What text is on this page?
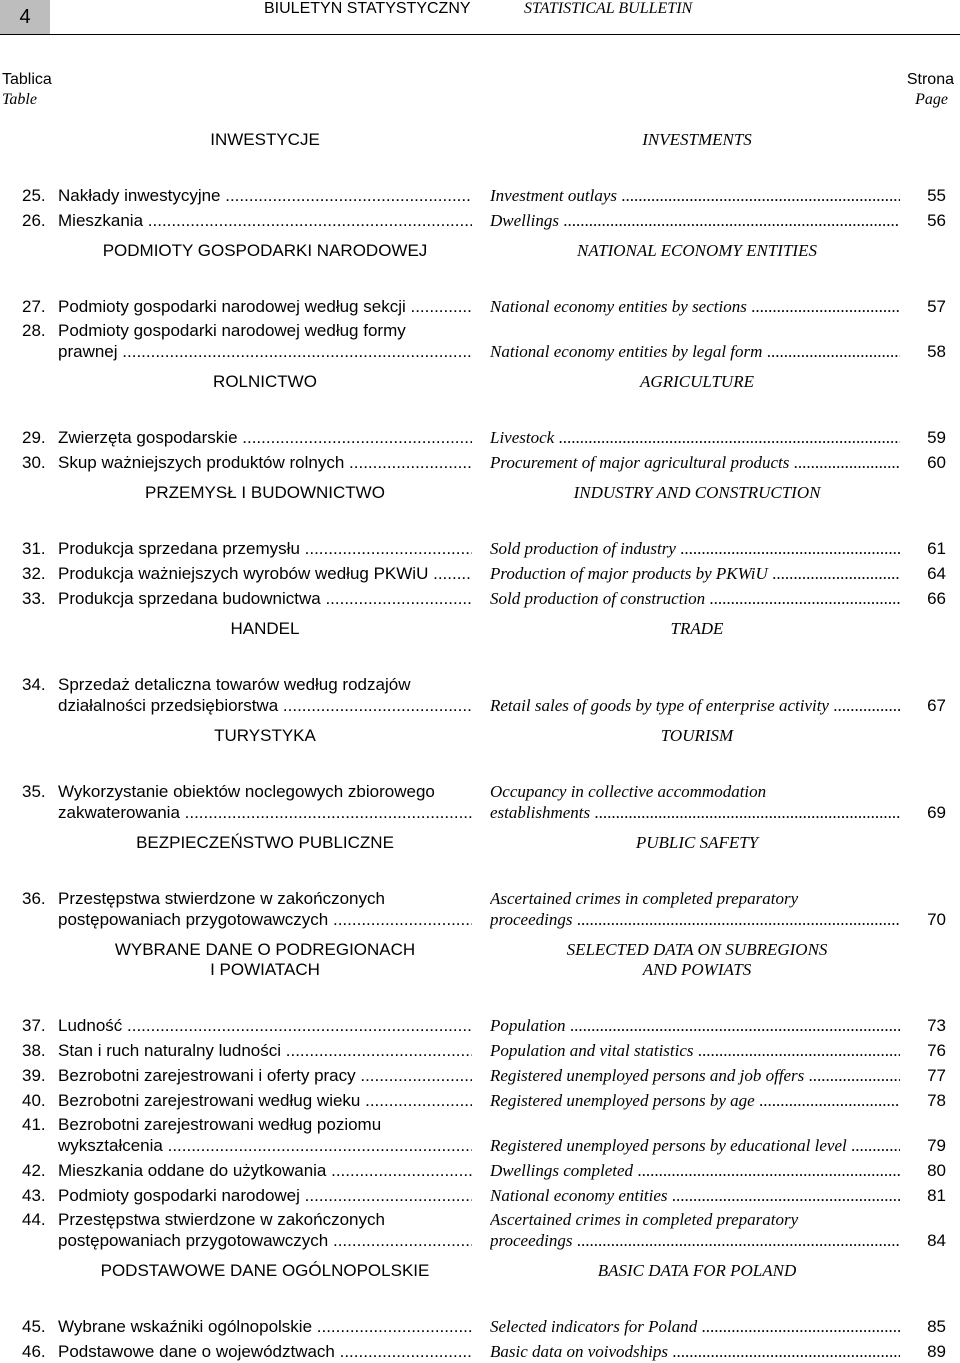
4	BIULETYN STATYSTYCZNY	STATISTICAL BULLETIN
Tablica
Table
Strona
Page
INWESTYCJE	INVESTMENTS
25. Nakłady inwestycyjne .....	Investment outlays .....	55
26. Mieszkania .....	Dwellings .....	56
PODMIOTY GOSPODARKI NARODOWEJ	NATIONAL ECONOMY ENTITIES
27. Podmioty gospodarki narodowej według sekcji .....	National economy entities by sections .....	57
28. Podmioty gospodarki narodowej według formy
prawnej .....	National economy entities by legal form .....	58
ROLNICTWO	AGRICULTURE
29. Zwierzęta gospodarskie .....	Livestock .....	59
30. Skup ważniejszych produktów rolnych .....	Procurement of major agricultural products .....	60
PRZEMYSŁ I BUDOWNICTWO	INDUSTRY AND CONSTRUCTION
31. Produkcja sprzedana przemysłu .....	Sold production of industry .....	61
32. Produkcja ważniejszych wyrobów według PKWiU .....	Production of major products by PKWiU .....	64
33. Produkcja sprzedana budownictwa .....	Sold production of construction .....	66
HANDEL	TRADE
34. Sprzedaż detaliczna towarów według rodzajów
działalności przedsiębiorstwa .....	Retail sales of goods by type of enterprise activity .....	67
TURYSTYKA	TOURISM
35. Wykorzystanie obiektów noclegowych zbiorowego	Occupancy in collective accommodation
zakwaterowania .....	establishments .....	69
BEZPIECZEŃSTWO PUBLICZNE	PUBLIC SAFETY
36. Przestępstwa stwierdzone w zakończonych	Ascertained crimes in completed preparatory
postępowaniach przygotowawczych .....	proceedings .....	70
WYBRANE DANE O PODREGIONACH	SELECTED DATA ON SUBREGIONS
I POWIATACH	AND POWIATS
37. Ludność .....	Population .....	73
38. Stan i ruch naturalny ludności .....	Population and vital statistics .....	76
39. Bezrobotni zarejestrowani i oferty pracy .....	Registered unemployed persons and job offers .....	77
40. Bezrobotni zarejestrowani według wieku .....	Registered unemployed persons by age .....	78
41. Bezrobotni zarejestrowani według poziomu
wykształcenia .....	Registered unemployed persons by educational level .....	79
42. Mieszkania oddane do użytkowania .....	Dwellings completed .....	80
43. Podmioty gospodarki narodowej .....	National economy entities .....	81
44. Przestępstwa stwierdzone w zakończonych	Ascertained crimes in completed preparatory
postępowaniach przygotowawczych .....	proceedings .....	84
PODSTAWOWE DANE OGÓLNOPOLSKIE	BASIC DATA FOR POLAND
45. Wybrane wskaźniki ogólnopolskie .....	Selected indicators for Poland .....	85
46. Podstawowe dane o województwach .....	Basic data on voivodships .....	89
